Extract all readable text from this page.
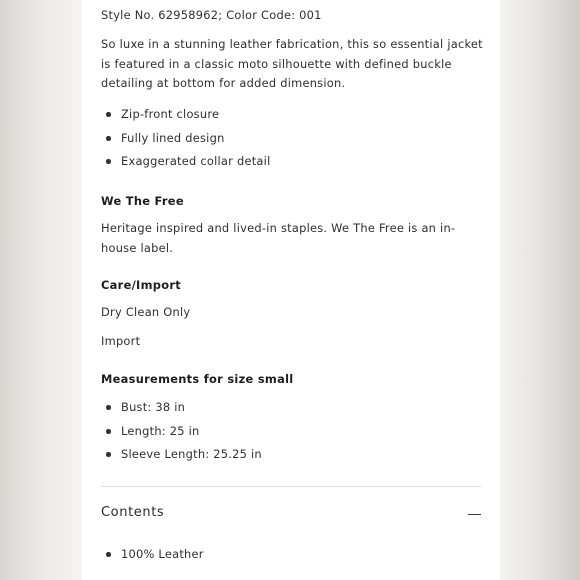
Style No. 62958962; Color Code: 001
So luxe in a stunning leather fabrication, this so essential jacket is featured in a classic moto silhouette with defined buckle detailing at bottom for added dimension.
Zip-front closure
Fully lined design
Exaggerated collar detail
We The Free
Heritage inspired and lived-in staples. We The Free is an in-house label.
Care/Import
Dry Clean Only
Import
Measurements for size small
Bust: 38 in
Length: 25 in
Sleeve Length: 25.25 in
Contents
100% Leather
